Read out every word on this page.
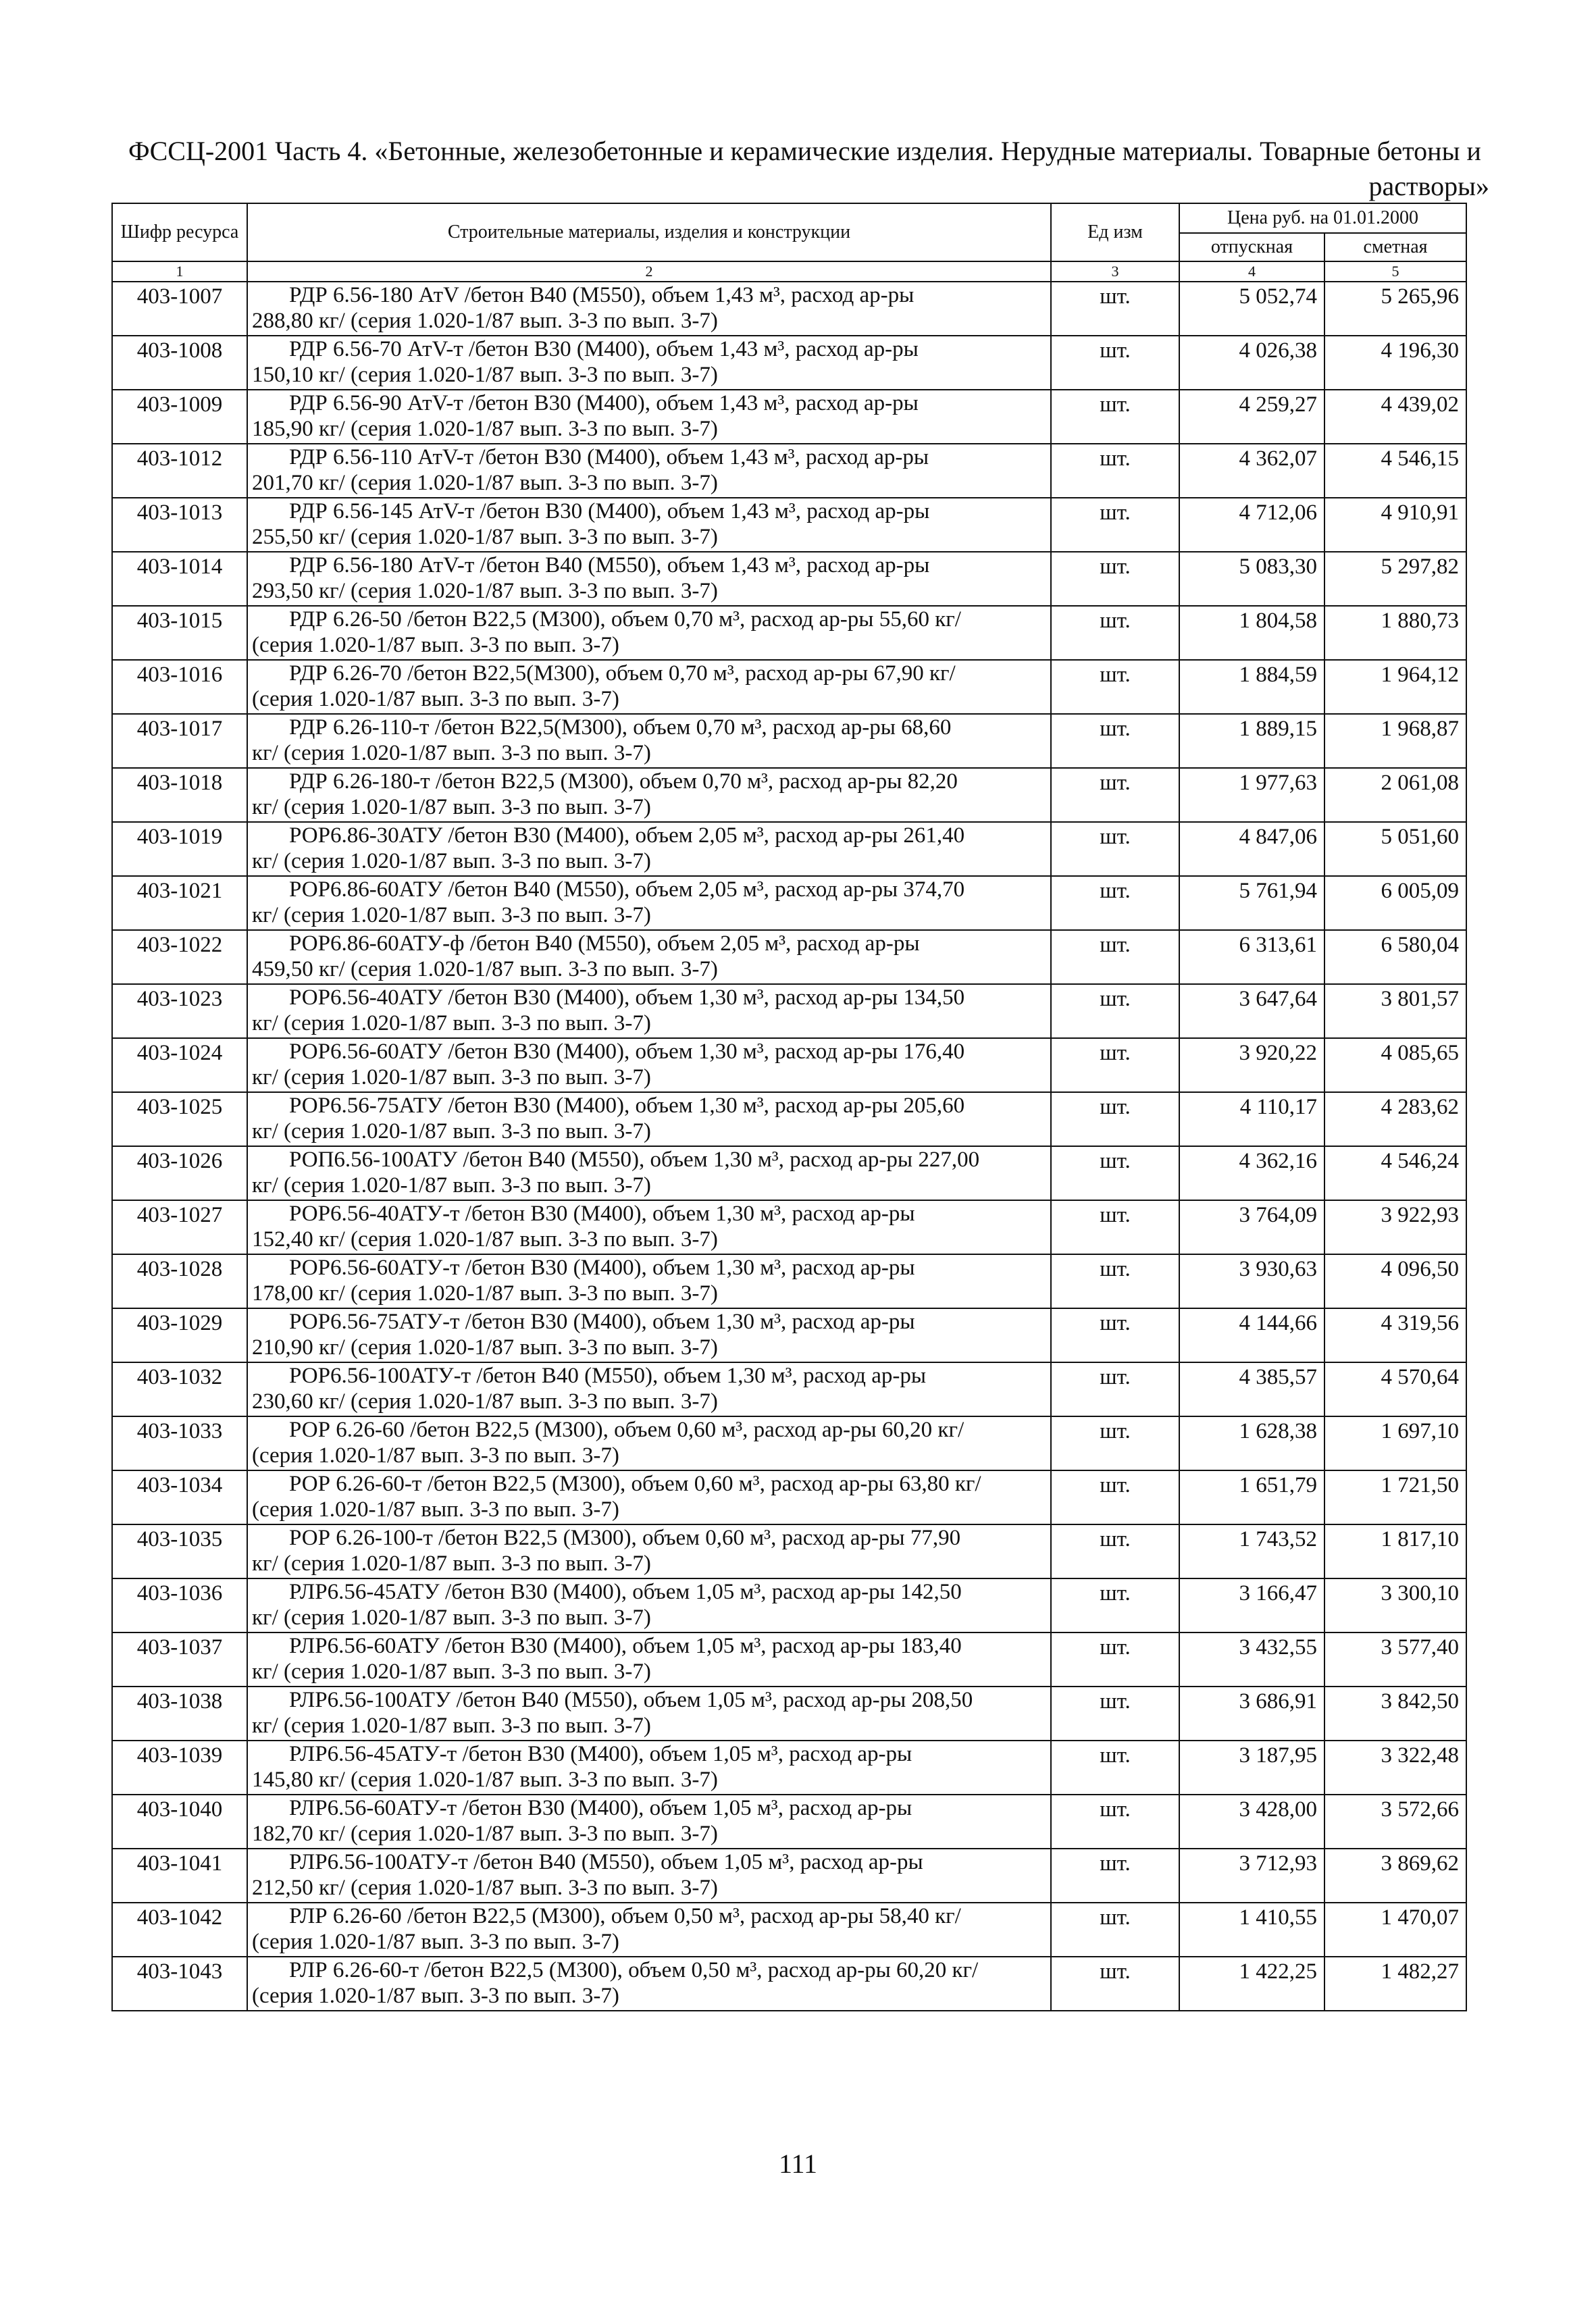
ФССЦ-2001 Часть 4. «Бетонные, железобетонные и керамические изделия. Нерудные материалы. Товарные бетоны и
растворы»
Шифр ресурса	Строительные материалы, изделия и конструкции	Ед изм	Цена руб. на 01.01.2000	
			отпускная	сметная
1	2	3	4	5
403-1007	РДР 6.56-180 АтV /бетон В40 (М550), объем 1,43 м³, расход ар-ры
288,80 кг/ (серия 1.020-1/87 вып. 3-3 по вып. 3-7)	шт.	5 052,74	5 265,96
403-1008	РДР 6.56-70 АтV-т /бетон В30 (М400), объем 1,43 м³, расход ар-ры
150,10 кг/ (серия 1.020-1/87 вып. 3-3 по вып. 3-7)	шт.	4 026,38	4 196,30
403-1009	РДР 6.56-90 АтV-т /бетон В30 (М400), объем 1,43 м³, расход ар-ры
185,90 кг/ (серия 1.020-1/87 вып. 3-3 по вып. 3-7)	шт.	4 259,27	4 439,02
403-1012	РДР 6.56-110 АтV-т /бетон В30 (М400), объем 1,43 м³, расход ар-ры
201,70 кг/ (серия 1.020-1/87 вып. 3-3 по вып. 3-7)	шт.	4 362,07	4 546,15
403-1013	РДР 6.56-145 АтV-т /бетон В30 (М400), объем 1,43 м³, расход ар-ры
255,50 кг/ (серия 1.020-1/87 вып. 3-3 по вып. 3-7)	шт.	4 712,06	4 910,91
403-1014	РДР 6.56-180 АтV-т /бетон В40 (М550), объем 1,43 м³, расход ар-ры
293,50 кг/ (серия 1.020-1/87 вып. 3-3 по вып. 3-7)	шт.	5 083,30	5 297,82
403-1015	РДР 6.26-50 /бетон В22,5 (М300), объем 0,70 м³, расход ар-ры 55,60 кг/
(серия 1.020-1/87 вып. 3-3 по вып. 3-7)	шт.	1 804,58	1 880,73
403-1016	РДР 6.26-70 /бетон В22,5(М300), объем 0,70 м³, расход ар-ры 67,90 кг/
(серия 1.020-1/87 вып. 3-3 по вып. 3-7)	шт.	1 884,59	1 964,12
403-1017	РДР 6.26-110-т /бетон В22,5(М300), объем 0,70 м³, расход ар-ры 68,60
кг/ (серия 1.020-1/87 вып. 3-3 по вып. 3-7)	шт.	1 889,15	1 968,87
403-1018	РДР 6.26-180-т /бетон В22,5 (М300), объем 0,70 м³, расход ар-ры 82,20
кг/ (серия 1.020-1/87 вып. 3-3 по вып. 3-7)	шт.	1 977,63	2 061,08
403-1019	РОР6.86-30АТУ /бетон В30 (М400), объем 2,05 м³, расход ар-ры 261,40
кг/ (серия 1.020-1/87 вып. 3-3 по вып. 3-7)	шт.	4 847,06	5 051,60
403-1021	РОР6.86-60АТУ /бетон В40 (М550), объем 2,05 м³, расход ар-ры 374,70
кг/ (серия 1.020-1/87 вып. 3-3 по вып. 3-7)	шт.	5 761,94	6 005,09
403-1022	РОР6.86-60АТУ-ф /бетон В40 (М550), объем 2,05 м³, расход ар-ры
459,50 кг/ (серия 1.020-1/87 вып. 3-3 по вып. 3-7)	шт.	6 313,61	6 580,04
403-1023	РОР6.56-40АТУ /бетон В30 (М400), объем 1,30 м³, расход ар-ры 134,50
кг/ (серия 1.020-1/87 вып. 3-3 по вып. 3-7)	шт.	3 647,64	3 801,57
403-1024	РОР6.56-60АТУ /бетон В30 (М400), объем 1,30 м³, расход ар-ры 176,40
кг/ (серия 1.020-1/87 вып. 3-3 по вып. 3-7)	шт.	3 920,22	4 085,65
403-1025	РОР6.56-75АТУ /бетон В30 (М400), объем 1,30 м³, расход ар-ры 205,60
кг/ (серия 1.020-1/87 вып. 3-3 по вып. 3-7)	шт.	4 110,17	4 283,62
403-1026	РОП6.56-100АТУ /бетон В40 (М550), объем 1,30 м³, расход ар-ры 227,00
кг/ (серия 1.020-1/87 вып. 3-3 по вып. 3-7)	шт.	4 362,16	4 546,24
403-1027	РОР6.56-40АТУ-т /бетон В30 (М400), объем 1,30 м³, расход ар-ры
152,40 кг/ (серия 1.020-1/87 вып. 3-3 по вып. 3-7)	шт.	3 764,09	3 922,93
403-1028	РОР6.56-60АТУ-т /бетон В30 (М400), объем 1,30 м³, расход ар-ры
178,00 кг/ (серия 1.020-1/87 вып. 3-3 по вып. 3-7)	шт.	3 930,63	4 096,50
403-1029	РОР6.56-75АТУ-т /бетон В30 (М400), объем 1,30 м³, расход ар-ры
210,90 кг/ (серия 1.020-1/87 вып. 3-3 по вып. 3-7)	шт.	4 144,66	4 319,56
403-1032	РОР6.56-100АТУ-т /бетон В40 (М550), объем 1,30 м³, расход ар-ры
230,60 кг/ (серия 1.020-1/87 вып. 3-3 по вып. 3-7)	шт.	4 385,57	4 570,64
403-1033	РОР 6.26-60 /бетон В22,5 (М300), объем 0,60 м³, расход ар-ры 60,20 кг/
(серия 1.020-1/87 вып. 3-3 по вып. 3-7)	шт.	1 628,38	1 697,10
403-1034	РОР 6.26-60-т /бетон В22,5 (М300), объем 0,60 м³, расход ар-ры 63,80 кг/
(серия 1.020-1/87 вып. 3-3 по вып. 3-7)	шт.	1 651,79	1 721,50
403-1035	РОР 6.26-100-т /бетон В22,5 (М300), объем 0,60 м³, расход ар-ры 77,90
кг/ (серия 1.020-1/87 вып. 3-3 по вып. 3-7)	шт.	1 743,52	1 817,10
403-1036	РЛР6.56-45АТУ /бетон В30 (М400), объем 1,05 м³, расход ар-ры 142,50
кг/ (серия 1.020-1/87 вып. 3-3 по вып. 3-7)	шт.	3 166,47	3 300,10
403-1037	РЛР6.56-60АТУ /бетон В30 (М400), объем 1,05 м³, расход ар-ры 183,40
кг/ (серия 1.020-1/87 вып. 3-3 по вып. 3-7)	шт.	3 432,55	3 577,40
403-1038	РЛР6.56-100АТУ /бетон В40 (М550), объем 1,05 м³, расход ар-ры 208,50
кг/ (серия 1.020-1/87 вып. 3-3 по вып. 3-7)	шт.	3 686,91	3 842,50
403-1039	РЛР6.56-45АТУ-т /бетон В30 (М400), объем 1,05 м³, расход ар-ры
145,80 кг/ (серия 1.020-1/87 вып. 3-3 по вып. 3-7)	шт.	3 187,95	3 322,48
403-1040	РЛР6.56-60АТУ-т /бетон В30 (М400), объем 1,05 м³, расход ар-ры
182,70 кг/ (серия 1.020-1/87 вып. 3-3 по вып. 3-7)	шт.	3 428,00	3 572,66
403-1041	РЛР6.56-100АТУ-т /бетон В40 (М550), объем 1,05 м³, расход ар-ры
212,50 кг/ (серия 1.020-1/87 вып. 3-3 по вып. 3-7)	шт.	3 712,93	3 869,62
403-1042	РЛР 6.26-60 /бетон В22,5 (М300), объем 0,50 м³, расход ар-ры 58,40 кг/
(серия 1.020-1/87 вып. 3-3 по вып. 3-7)	шт.	1 410,55	1 470,07
403-1043	РЛР 6.26-60-т /бетон В22,5 (М300), объем 0,50 м³, расход ар-ры 60,20 кг/
(серия 1.020-1/87 вып. 3-3 по вып. 3-7)	шт.	1 422,25	1 482,27
111
